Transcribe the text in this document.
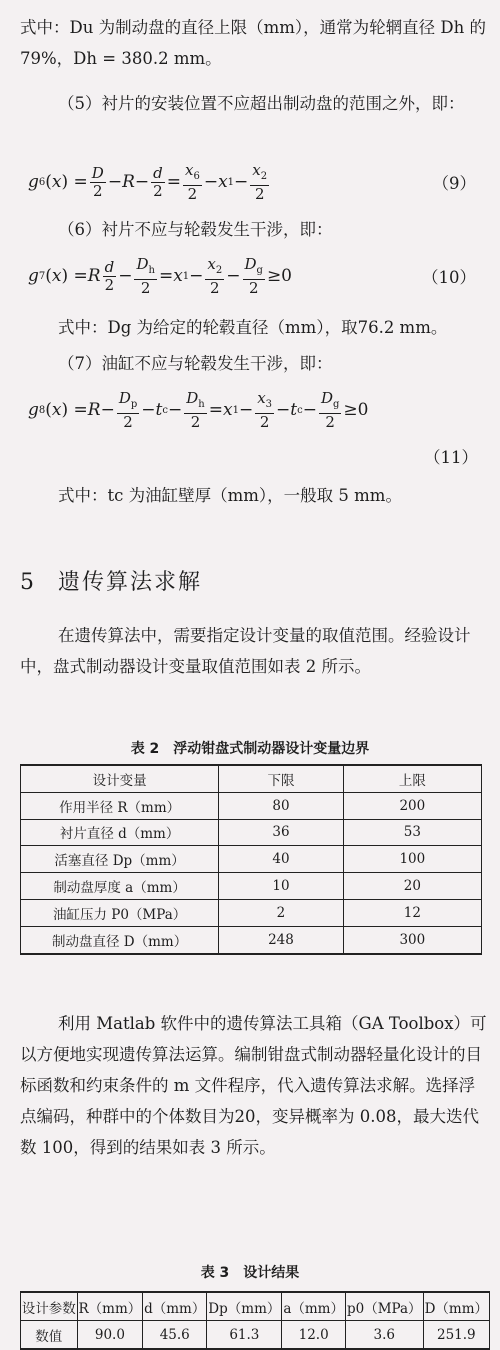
式中：Du 为制动盘的直径上限（mm），通常为轮辋直径 Dh 的 79%，Dh = 380.2 mm。

（5）衬片的安装位置不应超出制动盘的范围之外，即：

g 6 ( x ) = $\frac{D}{2} - R - \frac{d}{2} = \frac{x_6}{2} - x$ $1 - \frac{x_2}{2}$	（9）

（6）衬片不应与轮毂发生干涉，即：

g 7 ( x ) = R $\frac{d}{2} - \frac{D_h}{2} = x$ $1 - \frac{x_2}{2} - \frac{D_g}{2} \ge 0$	（10）

式中：Dg 为给定的轮毂直径（mm），取76.2 mm。

（7）油缸不应与轮毂发生干涉，即：

g 8 ( x ) = $R - \frac{D_p}{2} - t$ $c - \frac{D_h}{2} = x$ $1 - \frac{x_3}{2} - t$ $c - \frac{D_g}{2} \ge 0$
（11）

式中：tc 为油缸壁厚（mm），一般取 5 mm。

5 遗传算法求解

在遗传算法中，需要指定设计变量的取值范围。经验设计中，盘式制动器设计变量取值范围如表 2 所示。

表 2　浮动钳盘式制动器设计变量边界
设计变量	下限	上限
作用半径 R（mm）	80	200
衬片直径 d（mm）	36	53
活塞直径 Dp（mm）	40	100
制动盘厚度 a（mm）	10	20
油缸压力 P0（MPa）	2	12
制动盘直径 D（mm）	248	300

利用 Matlab 软件中的遗传算法工具箱（GA Toolbox）可以方便地实现遗传算法运算。编制钳盘式制动器轻量化设计的目标函数和约束条件的 m 文件程序，代入遗传算法求解。选择浮点编码，种群中的个体数目为20，变异概率为 0.08，最大迭代数 100，得到的结果如表 3 所示。

表 3　设计结果
设计参数	R（mm）	d（mm）	Dp（mm）	a（mm）	p0（MPa）	D（mm）
数值	90.0	45.6	61.3	12.0	3.6	251.9
